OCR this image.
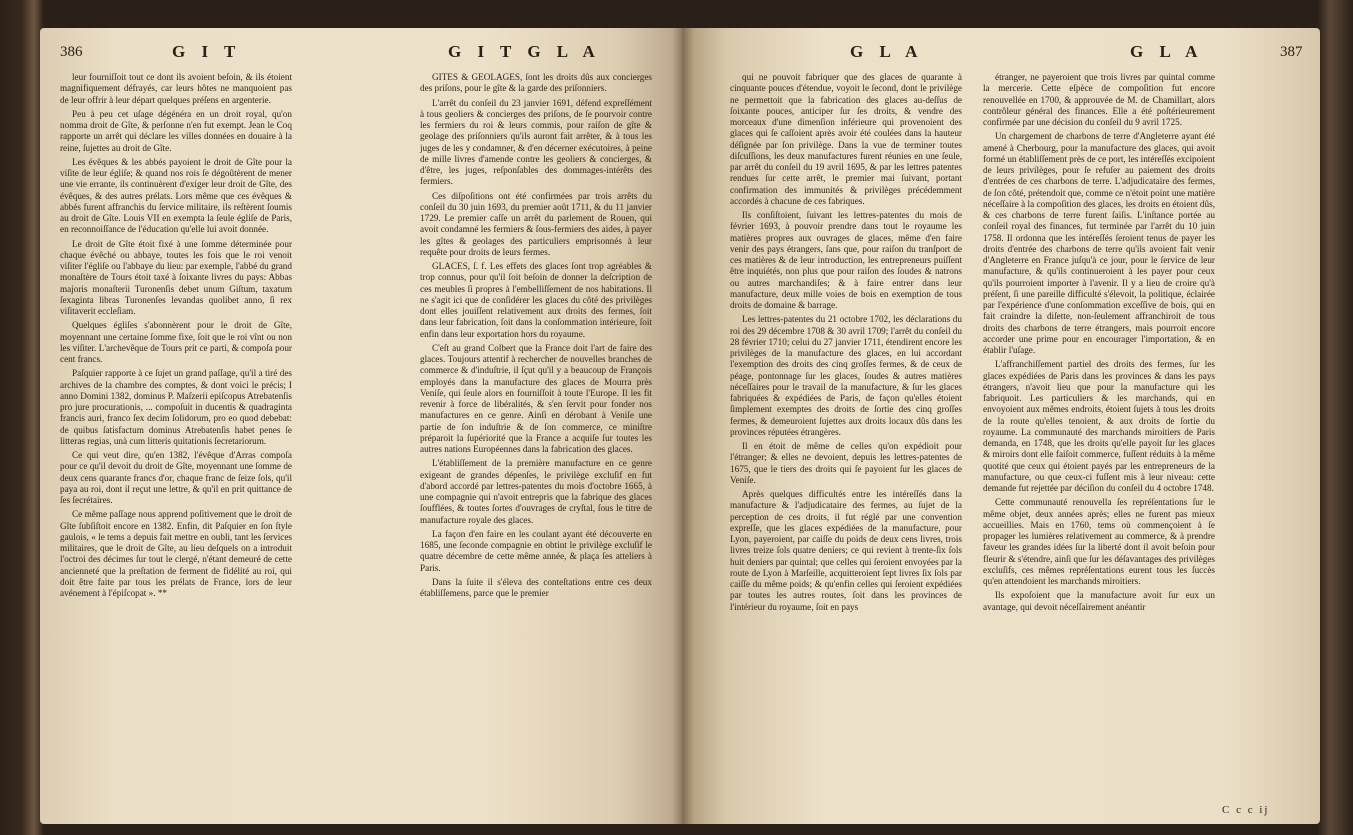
386	G I T	G I T G L A	G L A	G L A	387

leur fourniſſoit tout ce dont ils avoient beſoin, & ils étoient magnifiquement défrayés, car leurs hôtes ne manquoient pas de leur offrir à leur départ quelques préſens en argenterie.

Peu à peu cet uſage dégénéra en un droit royal, qu'on nomma droit de Gîte, & perſonne n'en fut exempt. Jean le Coq rapporte un arrêt qui déclare les villes données en douaire à la reine, ſujettes au droit de Gîte.

Les évêques & les abbés payoient le droit de Gîte pour la viſite de leur égliſe; & quand nos rois ſe dégoûtèrent de mener une vie errante, ils continuèrent d'exiger leur droit de Gîte, des évêques, & des autres prélats. Lors même que ces évêques & abbés furent affranchis du ſervice militaire, ils reſtèrent ſoumis au droit de Gîte. Louis VII en exempta la ſeule égliſe de Paris, en reconnoiſſance de l'éducation qu'elle lui avoit donnée.

Le droit de Gîte étoit fixé à une ſomme déterminée pour chaque évêché ou abbaye, toutes les fois que le roi venoit viſiter l'égliſe ou l'abbaye du lieu: par exemple, l'abbé du grand monaſtère de Tours étoit taxé à ſoixante livres du pays: Abbas majoris monaſterii Turonenſis debet unum Giſtum, taxatum ſexaginta libras Turonenſes levandas quolibet anno, ſi rex viſitaverit eccleſiam.

Quelques égliſes s'abonnèrent pour le droit de Gîte, moyennant une certaine ſomme fixe, ſoit que le roi vînt ou non les viſiter. L'archevêque de Tours prit ce parti, & compoſa pour cent francs.

Paſquier rapporte à ce ſujet un grand paſſage, qu'il a tiré des archives de la chambre des comptes, & dont voici le précis; I anno Domini 1382, dominus P. Maſzerii epiſcopus Atrebatenſis pro jure procurationis, ... compoſuit in ducentis & quadraginta francis auri, franco ſex decim ſolidorum, pro eo quod debebat: de quibus ſatisfactum dominus Atrebatenſis habet penes ſe litteras regias, unà cum litteris quitationis ſecretariorum.

Ce qui veut dire, qu'en 1382, l'évêque d'Arras compoſa pour ce qu'il devoit du droit de Gîte, moyennant une ſomme de deux cens quarante francs d'or, chaque franc de ſeize ſols, qu'il paya au roi, dont il reçut une lettre, & qu'il en prit quittance de ſes ſecrétaires.

Ce même paſſage nous apprend poſitivement que le droit de Gîte ſubſiſtoit encore en 1382. Enfin, dit Paſquier en ſon ſtyle gaulois, « le tems a depuis fait mettre en oubli, tant les ſervices militaires, que le droit de Gîte, au lieu deſquels on a introduit l'octroi des décimes ſur tout le clergé, n'étant demeuré de cette ancienneté que la preſtation de ferment de fidélité au roi, qui doit être faite par tous les prélats de France, lors de leur avénement à l'épiſcopat ». **

GITES & GEOLAGES, ſont les droits dûs aux concierges des priſons, pour le gîte & la garde des priſonniers.

L'arrêt du conſeil du 23 janvier 1691, défend expreſſément à tous geoliers & concierges des priſons, de ſe pourvoir contre les fermiers du roi & leurs commis, pour raiſon de gîte & geolage des priſonniers qu'ils auront fait arrêter, & à tous les juges de les y condamner, & d'en décerner exécutoires, à peine de mille livres d'amende contre les geoliers & concierges, & d'être, les juges, reſponſables des dommages-intérêts des fermiers.

Ces diſpoſitions ont été confirmées par trois arrêts du conſeil du 30 juin 1693, du premier août 1711, & du 11 janvier 1729. Le premier caſſe un arrêt du parlement de Rouen, qui avoit condamné les fermiers & ſous-fermiers des aides, à payer les gîtes & geolages des particuliers emprisonnés à leur requête pour droits de leurs fermes.

GLACES, ſ. f. Les effets des glaces ſont trop agréables & trop connus, pour qu'il ſoit beſoin de donner la deſcription de ces meubles ſi propres à l'embelliſſement de nos habitations. Il ne s'agit ici que de conſidérer les glaces du côté des privilèges dont elles jouiſſent relativement aux droits des fermes, ſoit dans leur fabrication, ſoit dans la conſommation intérieure, ſoit enfin dans leur exportation hors du royaume.

C'eſt au grand Colbert que la France doit l'art de faire des glaces. Toujours attentif à rechercher de nouvelles branches de commerce & d'induſtrie, il ſçut qu'il y a beaucoup de François employés dans la manufacture des glaces de Mourra près Veniſe, qui ſeule alors en fourniſſoit à toute l'Europe. Il les fit revenir à force de libéralités, & s'en ſervit pour fonder nos manufactures en ce genre. Ainſi en dérobant à Veniſe une partie de ſon induſtrie & de ſon commerce, ce miniſtre préparoit la ſupériorité que la France a acquiſe ſur toutes les autres nations Européennes dans la fabrication des glaces.

L'établiſſement de la première manufacture en ce genre exigeant de grandes dépenſes, le privilège excluſif en fut d'abord accordé par lettres-patentes du mois d'octobre 1665, à une compagnie qui n'avoit entrepris que la fabrique des glaces ſoufflées, & toutes ſortes d'ouvrages de cryſtal, ſous le titre de manufacture royale des glaces.

La façon d'en faire en les coulant ayant été découverte en 1685, une ſeconde compagnie en obtint le privilège excluſif le quatre décembre de cette même année, & plaça ſes atteliers à Paris.

Dans la ſuite il s'éleva des conteſtations entre ces deux établiſſemens, parce que le premier

qui ne pouvoit fabriquer que des glaces de quarante à cinquante pouces d'étendue, voyoit le ſecond, dont le privilège ne permettoit que la fabrication des glaces au-deſſus de ſoixante pouces, anticiper ſur ſes droits, & vendre des morceaux d'une dimenſion inférieure qui provenoient des glaces qui ſe caſſoient après avoir été coulées dans la hauteur déſignée par ſon privilège. Dans la vue de terminer toutes diſcuſſions, les deux manufactures furent réunies en une ſeule, par arrêt du conſeil du 19 avril 1695, & par les lettres patentes rendues ſur cette arrêt, le premier mai ſuivant, portant confirmation des immunités & privilèges précédemment accordés à chacune de ces fabriques.

Ils conſiſtoient, ſuivant les lettres-patentes du mois de février 1693, à pouvoir prendre dans tout le royaume les matières propres aux ouvrages de glaces, même d'en faire venir des pays étrangers, ſans que, pour raiſon du tranſport de ces matières & de leur introduction, les entrepreneurs puiſſent être inquiétés, non plus que pour raiſon des ſoudes & natrons ou autres marchandiſes; & à faire entrer dans leur manufacture, deux mille voies de bois en exemption de tous droits de domaine & barrage.

Les lettres-patentes du 21 octobre 1702, les déclarations du roi des 29 décembre 1708 & 30 avril 1709; l'arrêt du conſeil du 28 février 1710; celui du 27 janvier 1711, étendirent encore les privilèges de la manufacture des glaces, en lui accordant l'exemption des droits des cinq groſſes fermes, & de ceux de péage, pontonnage ſur les glaces, ſoudes & autres matières néceſſaires pour le travail de la manufacture, & ſur les glaces fabriquées & expédiées de Paris, de façon qu'elles étoient ſimplement exemptes des droits de ſortie des cinq groſſes fermes, & demeuroient ſujettes aux droits locaux dûs dans les provinces réputées étrangères.

Il en étoit de même de celles qu'on expédioit pour l'étranger; & elles ne devoient, depuis les lettres-patentes de 1675, que le tiers des droits qui ſe payoient ſur les glaces de Veniſe.

Après quelques difficultés entre les intéreſſés dans la manufacture & l'adjudicataire des fermes, au ſujet de la perception de ces droits, il fut réglé par une convention expreſſe, que les glaces expédiées de la manufacture, pour Lyon, payeroient, par caiſſe du poids de deux cens livres, trois livres treize ſols quatre deniers; ce qui revient à trente-ſix ſols huit deniers par quintal; que celles qui ſeroient envoyées par la route de Lyon à Marſeille, acquitteroient ſept livres ſix ſols par caiſſe du même poids; & qu'enfin celles qui ſeroient expédiées par toutes les autres routes, ſoit dans les provinces de l'intérieur du royaume, ſoit en pays

étranger, ne payeroient que trois livres par quintal comme la mercerie. Cette eſpèce de compoſition fut encore renouvellée en 1700, & approuvée de M. de Chamillart, alors contrôleur général des finances. Elle a été poſtérieurement confirmée par une décision du conſeil du 9 avril 1725.

Un chargement de charbons de terre d'Angleterre ayant été amené à Cherbourg, pour la manufacture des glaces, qui avoit formé un établiſſement près de ce port, les intéreſſés excipoient de leurs privilèges, pour ſe refuſer au paiement des droits d'entrées de ces charbons de terre. L'adjudicataire des fermes, de ſon côté, prétendoit que, comme ce n'étoit point une matière néceſſaire à la compoſition des glaces, les droits en étoient dûs, & ces charbons de terre furent ſaiſis. L'inſtance portée au conſeil royal des finances, fut terminée par l'arrêt du 10 juin 1758. Il ordonna que les intéreſſés ſeroient tenus de payer les droits d'entrée des charbons de terre qu'ils avoient fait venir d'Angleterre en France juſqu'à ce jour, pour le ſervice de leur manufacture, & qu'ils continueroient à les payer pour ceux qu'ils pourroient importer à l'avenir. Il y a lieu de croire qu'à préſent, ſi une pareille difficulté s'élevoit, la politique, éclairée par l'expérience d'une conſommation exceſſive de bois, qui en fait craindre la diſette, non-ſeulement affranchiroit de tous droits des charbons de terre étrangers, mais pourroit encore accorder une prime pour en encourager l'importation, & en établir l'uſage.

L'affranchiſſement partiel des droits des fermes, ſur les glaces expédiées de Paris dans les provinces & dans les pays étrangers, n'avoit lieu que pour la manufacture qui les fabriquoit. Les particuliers & les marchands, qui en envoyoient aux mêmes endroits, étoient ſujets à tous les droits de la route qu'elles tenoient, & aux droits de ſortie du royaume. La communauté des marchands miroitiers de Paris demanda, en 1748, que les droits qu'elle payoit ſur les glaces & miroirs dont elle faiſoit commerce, fuſſent réduits à la même quotité que ceux qui étoient payés par les entrepreneurs de la manufacture, ou que ceux-ci fuſſent mis à leur niveau: cette demande fut rejettée par déciſion du conſeil du 4 octobre 1748.

Cette communauté renouvella ſes repréſentations ſur le même objet, deux années après; elles ne furent pas mieux accueillies. Mais en 1760, tems où commençoient à ſe propager les lumières relativement au commerce, & à prendre faveur les grandes idées ſur la liberté dont il avoit beſoin pour fleurir & s'étendre, ainſi que ſur les déſavantages des privilèges excluſifs, ces mêmes repréſentations eurent tous les ſuccès qu'en attendoient les marchands miroitiers.

Ils expoſoient que la manufacture avoit ſur eux un avantage, qui devoit néceſſairement anéantir

C c c ij
